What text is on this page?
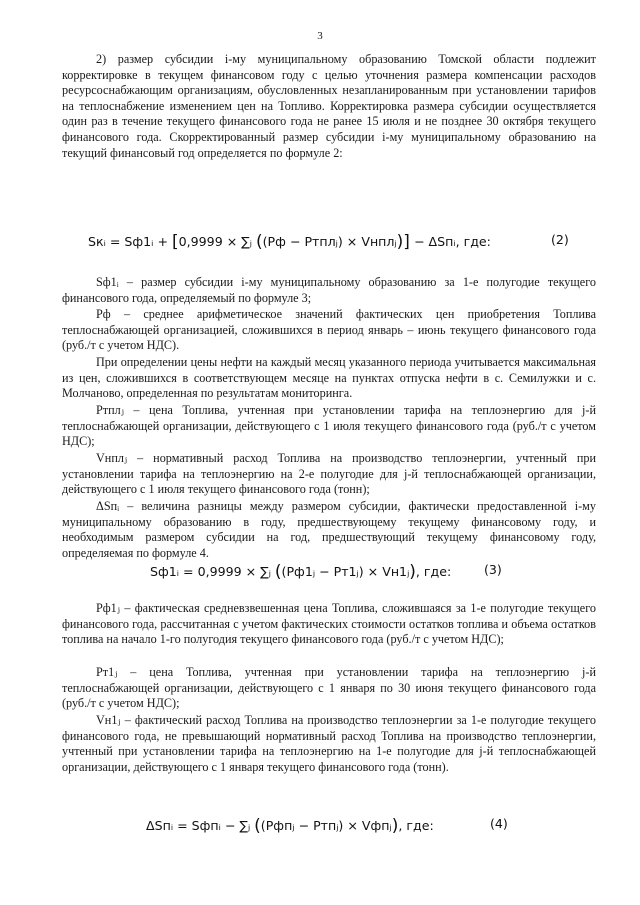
3

2) размер субсидии i-му муниципальному образованию Томской области подлежит корректировке в текущем финансовом году с целью уточнения размера компенсации расходов ресурсоснабжающим организациям, обусловленных незапланированным при установлении тарифов на теплоснабжение изменением цен на Топливо. Корректировка размера субсидии осуществляется один раз в течение текущего финансового года не ранее 15 июля и не позднее 30 октября текущего финансового года. Скорректированный размер субсидии i-му муниципальному образованию на текущий финансовый год определяется по формуле 2:

Sкᵢ = Sф1ᵢ + [0,9999 × ∑ⱼ ((Pф − Pтплⱼ) × Vнплⱼ)] − ΔSпᵢ, где:	(2)

Sф1ᵢ – размер субсидии i-му муниципальному образованию за 1-е полугодие текущего финансового года, определяемый по формуле 3;

Pф – среднее арифметическое значений фактических цен приобретения Топлива теплоснабжающей организацией, сложившихся в период январь – июнь текущего финансового года (руб./т с учетом НДС).

При определении цены нефти на каждый месяц указанного периода учитывается максимальная из цен, сложившихся в соответствующем месяце на пунктах отпуска нефти в с. Семилужки и с. Молчаново, определенная по результатам мониторинга.

Pтплⱼ – цена Топлива, учтенная при установлении тарифа на теплоэнергию для j-й теплоснабжающей организации, действующего с 1 июля текущего финансового года (руб./т с учетом НДС);

Vнплⱼ – нормативный расход Топлива на производство теплоэнергии, учтенный при установлении тарифа на теплоэнергию на 2-е полугодие для j-й теплоснабжающей организации, действующего с 1 июля текущего финансового года (тонн);

ΔSпᵢ – величина разницы между размером субсидии, фактически предоставленной i-му муниципальному образованию в году, предшествующему текущему финансовому году, и необходимым размером субсидии на год, предшествующий текущему финансовому году, определяемая по формуле 4.

Sф1ᵢ = 0,9999 × ∑ⱼ ((Pф1ⱼ − Pт1ⱼ) × Vн1ⱼ), где:	(3)

Pф1ⱼ – фактическая средневзвешенная цена Топлива, сложившаяся за 1-е полугодие текущего финансового года, рассчитанная с учетом фактических стоимости остатков топлива и объема остатков топлива на начало 1-го полугодия текущего финансового года (руб./т с учетом НДС);

Pт1ⱼ – цена Топлива, учтенная при установлении тарифа на теплоэнергию j-й теплоснабжающей организации, действующего с 1 января по 30 июня текущего финансового года (руб./т с учетом НДС);

Vн1ⱼ – фактический расход Топлива на производство теплоэнергии за 1-е полугодие текущего финансового года, не превышающий нормативный расход Топлива на производство теплоэнергии, учтенный при установлении тарифа на теплоэнергию на 1-е полугодие для j-й теплоснабжающей организации, действующего с 1 января текущего финансового года (тонн).

ΔSпᵢ = Sфпᵢ − ∑ⱼ ((Pфпⱼ − Pтпⱼ) × Vфпⱼ), где:	(4)
